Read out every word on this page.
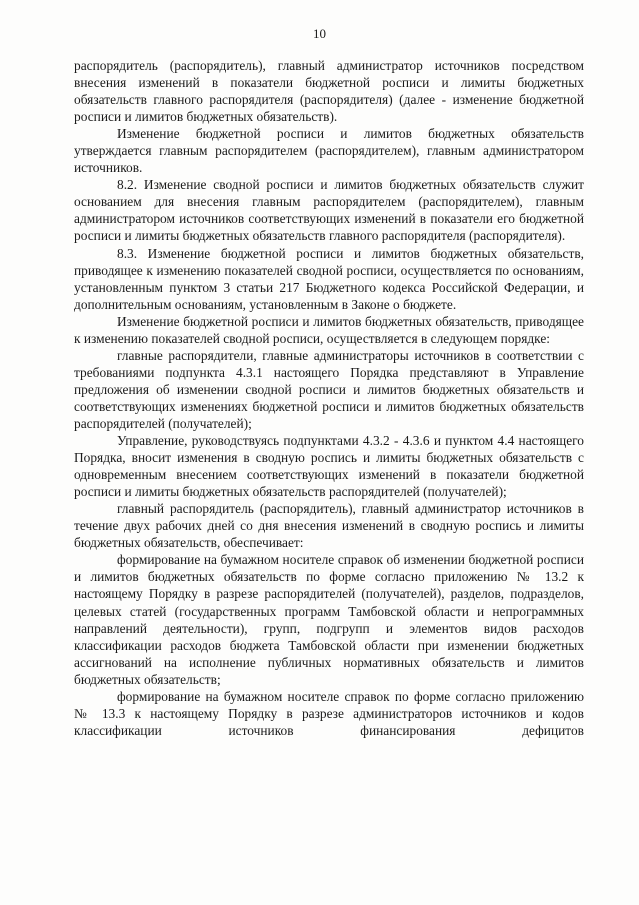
10

распорядитель (распорядитель), главный администратор источников посредством внесения изменений в показатели бюджетной росписи и лимиты бюджетных обязательств главного распорядителя (распорядителя) (далее - изменение бюджетной росписи и лимитов бюджетных обязательств).

Изменение бюджетной росписи и лимитов бюджетных обязательств утверждается главным распорядителем (распорядителем), главным администратором источников.

8.2. Изменение сводной росписи и лимитов бюджетных обязательств служит основанием для внесения главным распорядителем (распорядителем), главным администратором источников соответствующих изменений в показатели его бюджетной росписи и лимиты бюджетных обязательств главного распорядителя (распорядителя).

8.3. Изменение бюджетной росписи и лимитов бюджетных обязательств, приводящее к изменению показателей сводной росписи, осуществляется по основаниям, установленным пунктом 3 статьи 217 Бюджетного кодекса Российской Федерации, и дополнительным основаниям, установленным в Законе о бюджете.

Изменение бюджетной росписи и лимитов бюджетных обязательств, приводящее к изменению показателей сводной росписи, осуществляется в следующем порядке:

главные распорядители, главные администраторы источников в соответствии с требованиями подпункта 4.3.1 настоящего Порядка представляют в Управление предложения об изменении сводной росписи и лимитов бюджетных обязательств и соответствующих изменениях бюджетной росписи и лимитов бюджетных обязательств распорядителей (получателей);

Управление, руководствуясь подпунктами 4.3.2 - 4.3.6 и пунктом 4.4 настоящего Порядка, вносит изменения в сводную роспись и лимиты бюджетных обязательств с одновременным внесением соответствующих изменений в показатели бюджетной росписи и лимиты бюджетных обязательств распорядителей (получателей);

главный распорядитель (распорядитель), главный администратор источников в течение двух рабочих дней со дня внесения изменений в сводную роспись и лимиты бюджетных обязательств, обеспечивает:

формирование на бумажном носителе справок об изменении бюджетной росписи и лимитов бюджетных обязательств по форме согласно приложению № 13.2 к настоящему Порядку в разрезе распорядителей (получателей), разделов, подразделов, целевых статей (государственных программ Тамбовской области и непрограммных направлений деятельности), групп, подгрупп и элементов видов расходов классификации расходов бюджета Тамбовской области при изменении бюджетных ассигнований на исполнение публичных нормативных обязательств и лимитов бюджетных обязательств;

формирование на бумажном носителе справок по форме согласно приложению № 13.3 к настоящему Порядку в разрезе администраторов источников и кодов классификации источников финансирования дефицитов
